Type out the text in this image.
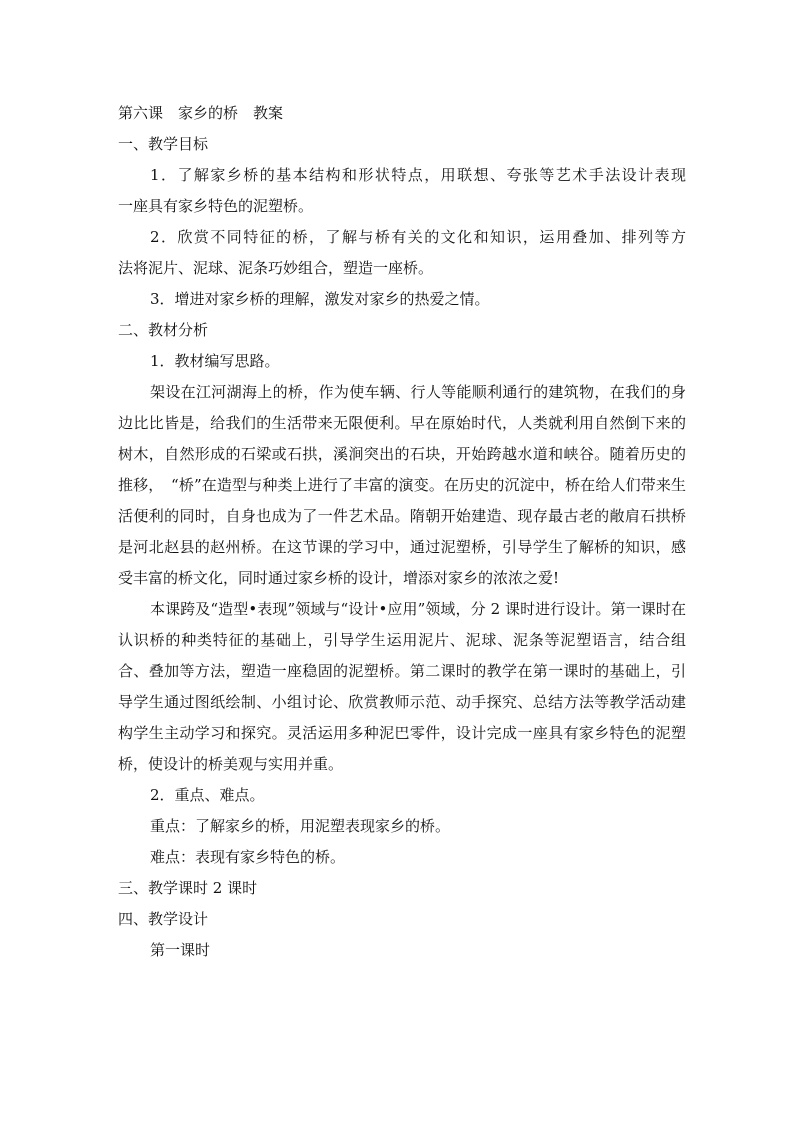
第六课　家乡的桥　教案
一、教学目标
1．了解家乡桥的基本结构和形状特点，用联想、夸张等艺术手法设计表现
一座具有家乡特色的泥塑桥。
2．欣赏不同特征的桥，了解与桥有关的文化和知识，运用叠加、排列等方
法将泥片、泥球、泥条巧妙组合，塑造一座桥。
3．增进对家乡桥的理解，激发对家乡的热爱之情。
二、教材分析
1．教材编写思路。
架设在江河湖海上的桥，作为使车辆、行人等能顺利通行的建筑物，在我们的身边比比皆是，给我们的生活带来无限便利。早在原始时代，人类就利用自然倒下来的树木，自然形成的石梁或石拱，溪涧突出的石块，开始跨越水道和峡谷。随着历史的推移，　“桥”在造型与种类上进行了丰富的演变。在历史的沉淀中，桥在给人们带来生活便利的同时，自身也成为了一件艺术品。隋朝开始建造、现存最古老的敞肩石拱桥是河北赵县的赵州桥。在这节课的学习中，通过泥塑桥，引导学生了解桥的知识，感受丰富的桥文化，同时通过家乡桥的设计，增添对家乡的浓浓之爱!
本课跨及“造型•表现”领域与“设计•应用”领域，分 2 课时进行设计。第一课时在认识桥的种类特征的基础上，引导学生运用泥片、泥球、泥条等泥塑语言，结合组合、叠加等方法，塑造一座稳固的泥塑桥。第二课时的教学在第一课时的基础上，引导学生通过图纸绘制、小组讨论、欣赏教师示范、动手探究、总结方法等教学活动建构学生主动学习和探究。灵活运用多种泥巴零件，设计完成一座具有家乡特色的泥塑桥，使设计的桥美观与实用并重。
2．重点、难点。
重点：了解家乡的桥，用泥塑表现家乡的桥。
难点：表现有家乡特色的桥。
三、教学课时 2 课时
四、教学设计
第一课时
